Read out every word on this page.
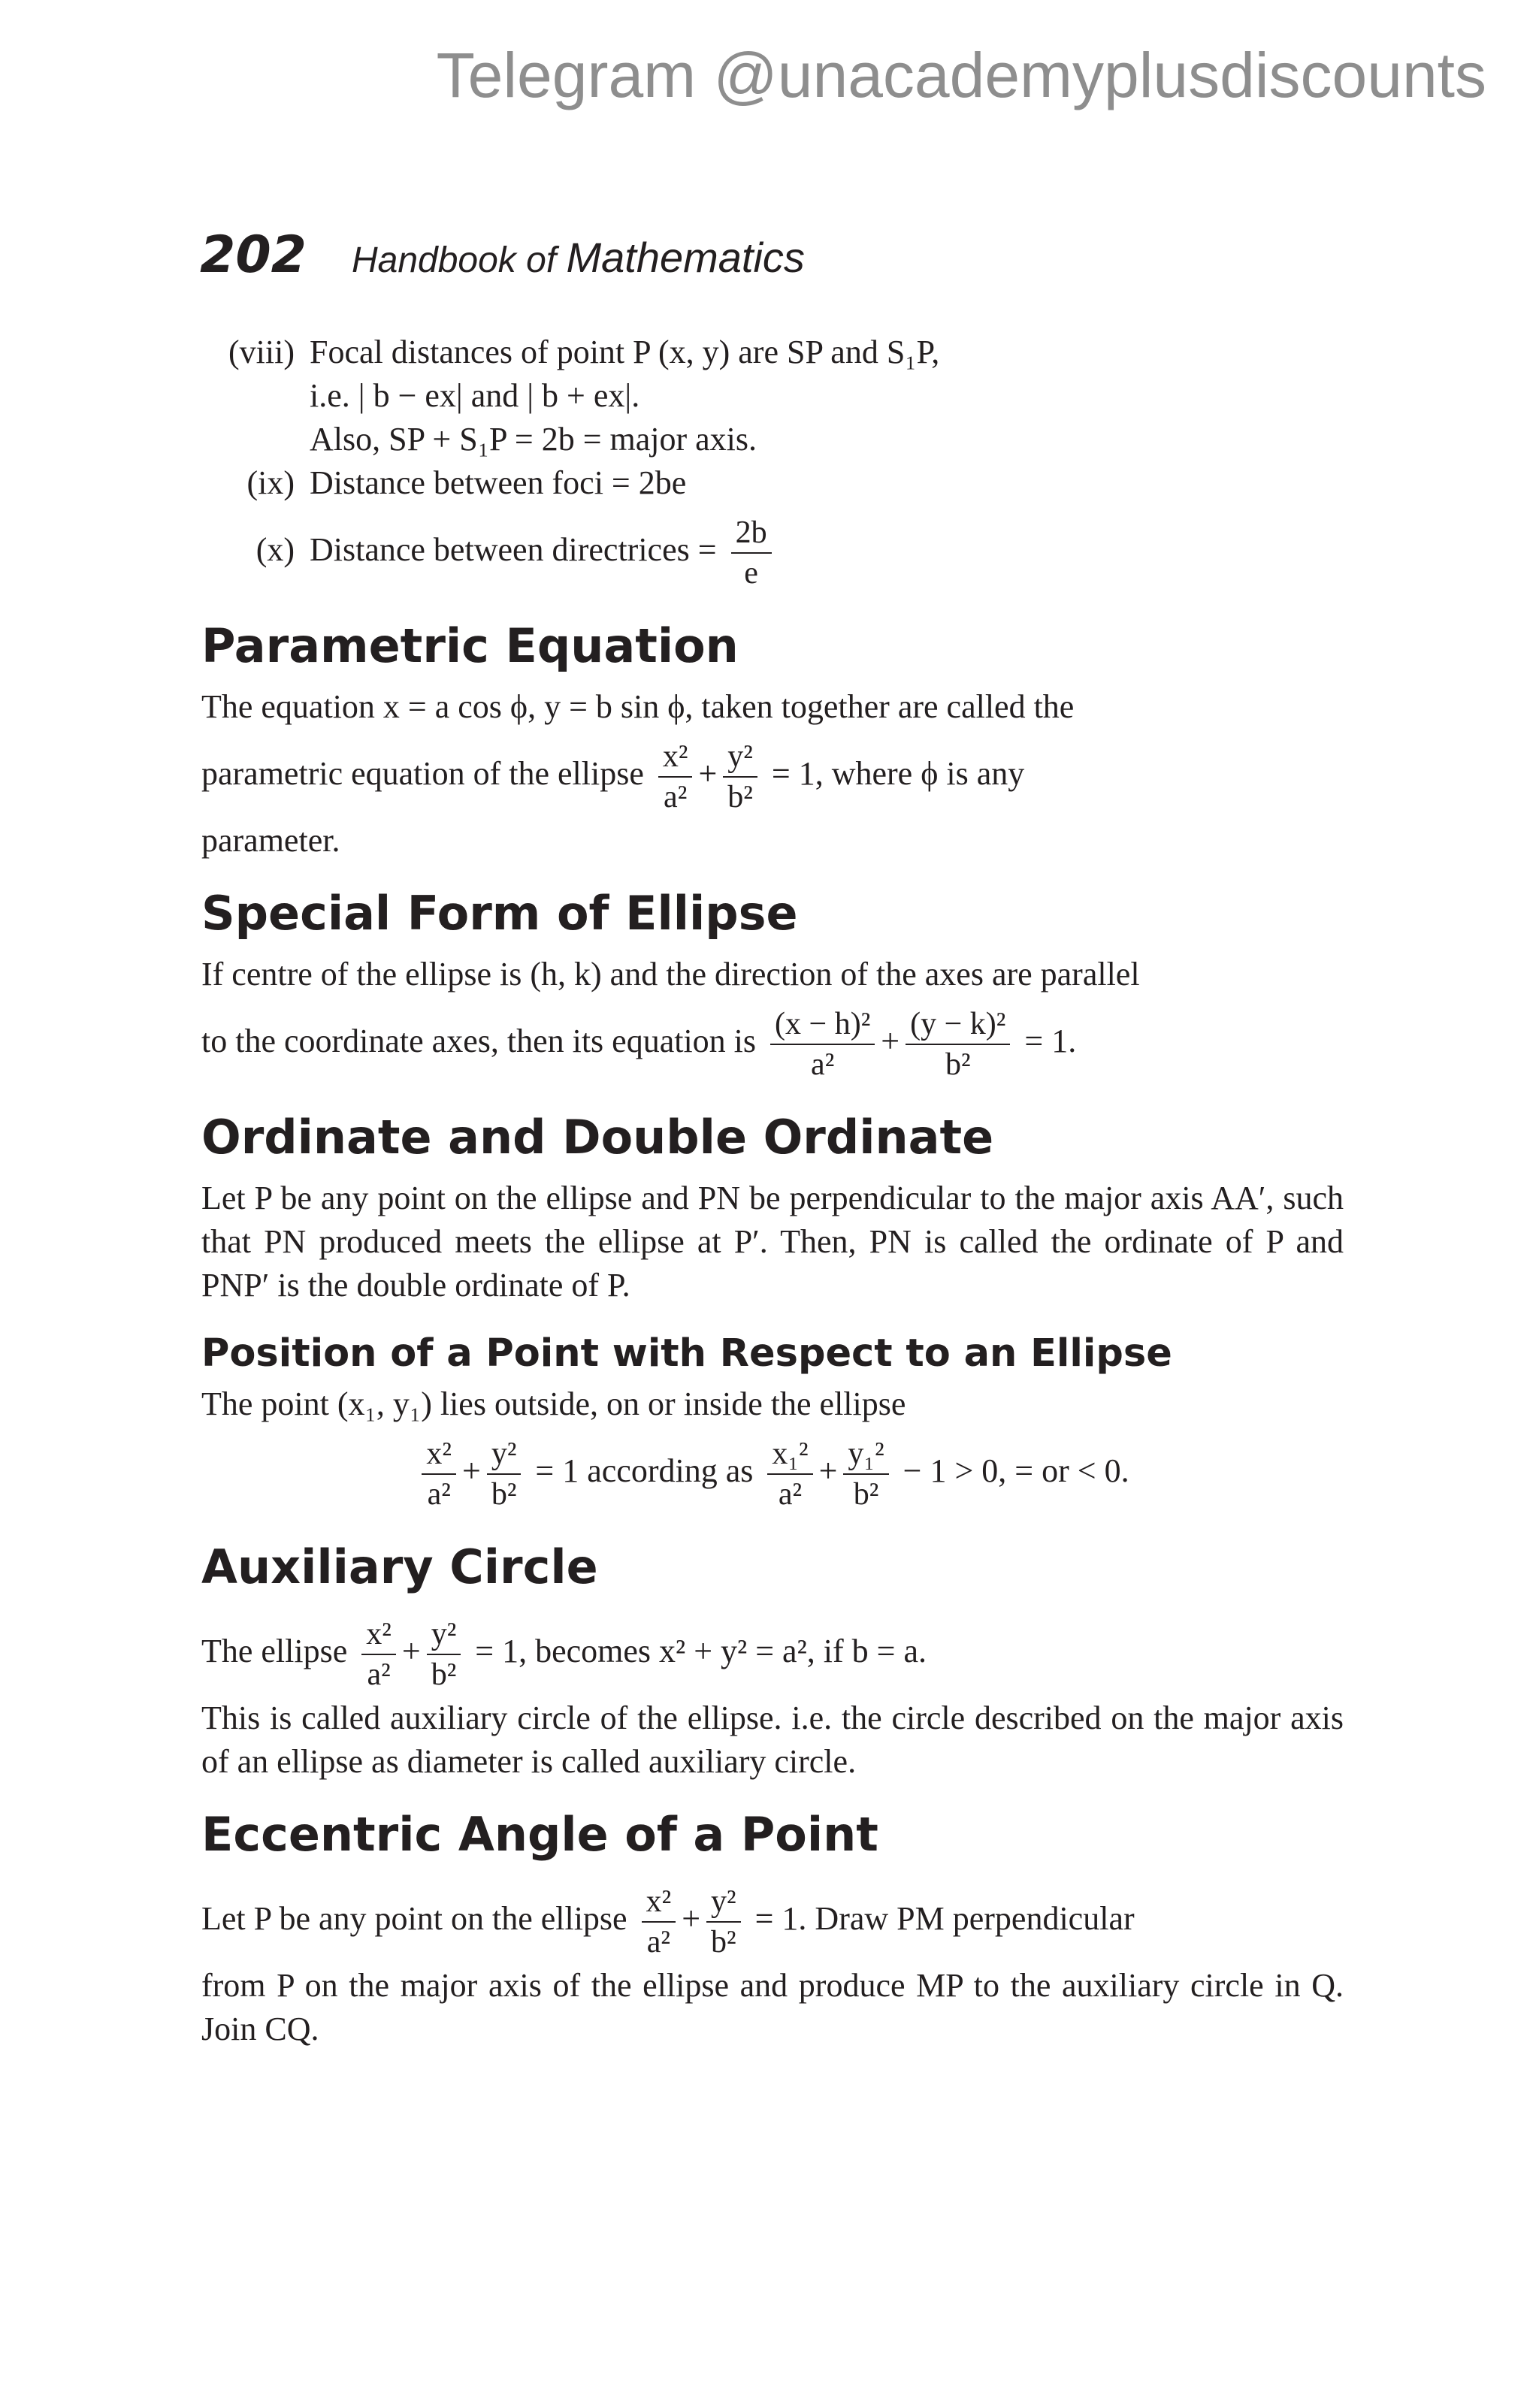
Telegram @unacademyplusdiscounts
202 Handbook of Mathematics
(viii) Focal distances of point P (x, y) are SP and S₁P,
i.e. | b − ex| and | b + ex|.
Also, SP + S₁P = 2b = major axis.
(ix) Distance between foci = 2be
(x) Distance between directrices = $\frac{2b}{e}$
Parametric Equation

The equation x = a cos ϕ, y = b sin ϕ, taken together are called the

parametric equation of the ellipse $\frac{\text{x²}}{\text{a²}} + \frac{\text{y²}}{\text{b²}} = 1$, where ϕ is any

parameter.

Special Form of Ellipse

If centre of the ellipse is (h, k) and the direction of the axes are parallel

to the coordinate axes, then its equation is $\frac{\text{(x − h)²}}{\text{a²}} + \frac{\text{(y − k)²}}{\text{b²}} = 1$.

Ordinate and Double Ordinate

Let P be any point on the ellipse and PN be perpendicular to the major axis AA′, such that PN produced meets the ellipse at P′. Then, PN is called the ordinate of P and PNP′ is the double ordinate of P.

Position of a Point with Respect to an Ellipse

The point (x₁, y₁) lies outside, on or inside the ellipse

$\frac{\text{x²}}{\text{a²}} + \frac{\text{y²}}{\text{b²}} = 1$ according as $\frac{\text{x₁²}}{\text{a²}} + \frac{\text{y₁²}}{\text{b²}} - 1 > 0$, = or < 0.

Auxiliary Circle

The ellipse $\frac{\text{x²}}{\text{a²}} + \frac{\text{y²}}{\text{b²}} = 1$, becomes x² + y² = a², if b = a.

This is called auxiliary circle of the ellipse. i.e. the circle described on the major axis of an ellipse as diameter is called auxiliary circle.

Eccentric Angle of a Point

Let P be any point on the ellipse $\frac{\text{x²}}{\text{a²}} + \frac{\text{y²}}{\text{b²}} = 1$. Draw PM perpendicular

from P on the major axis of the ellipse and produce MP to the auxiliary circle in Q. Join CQ.
